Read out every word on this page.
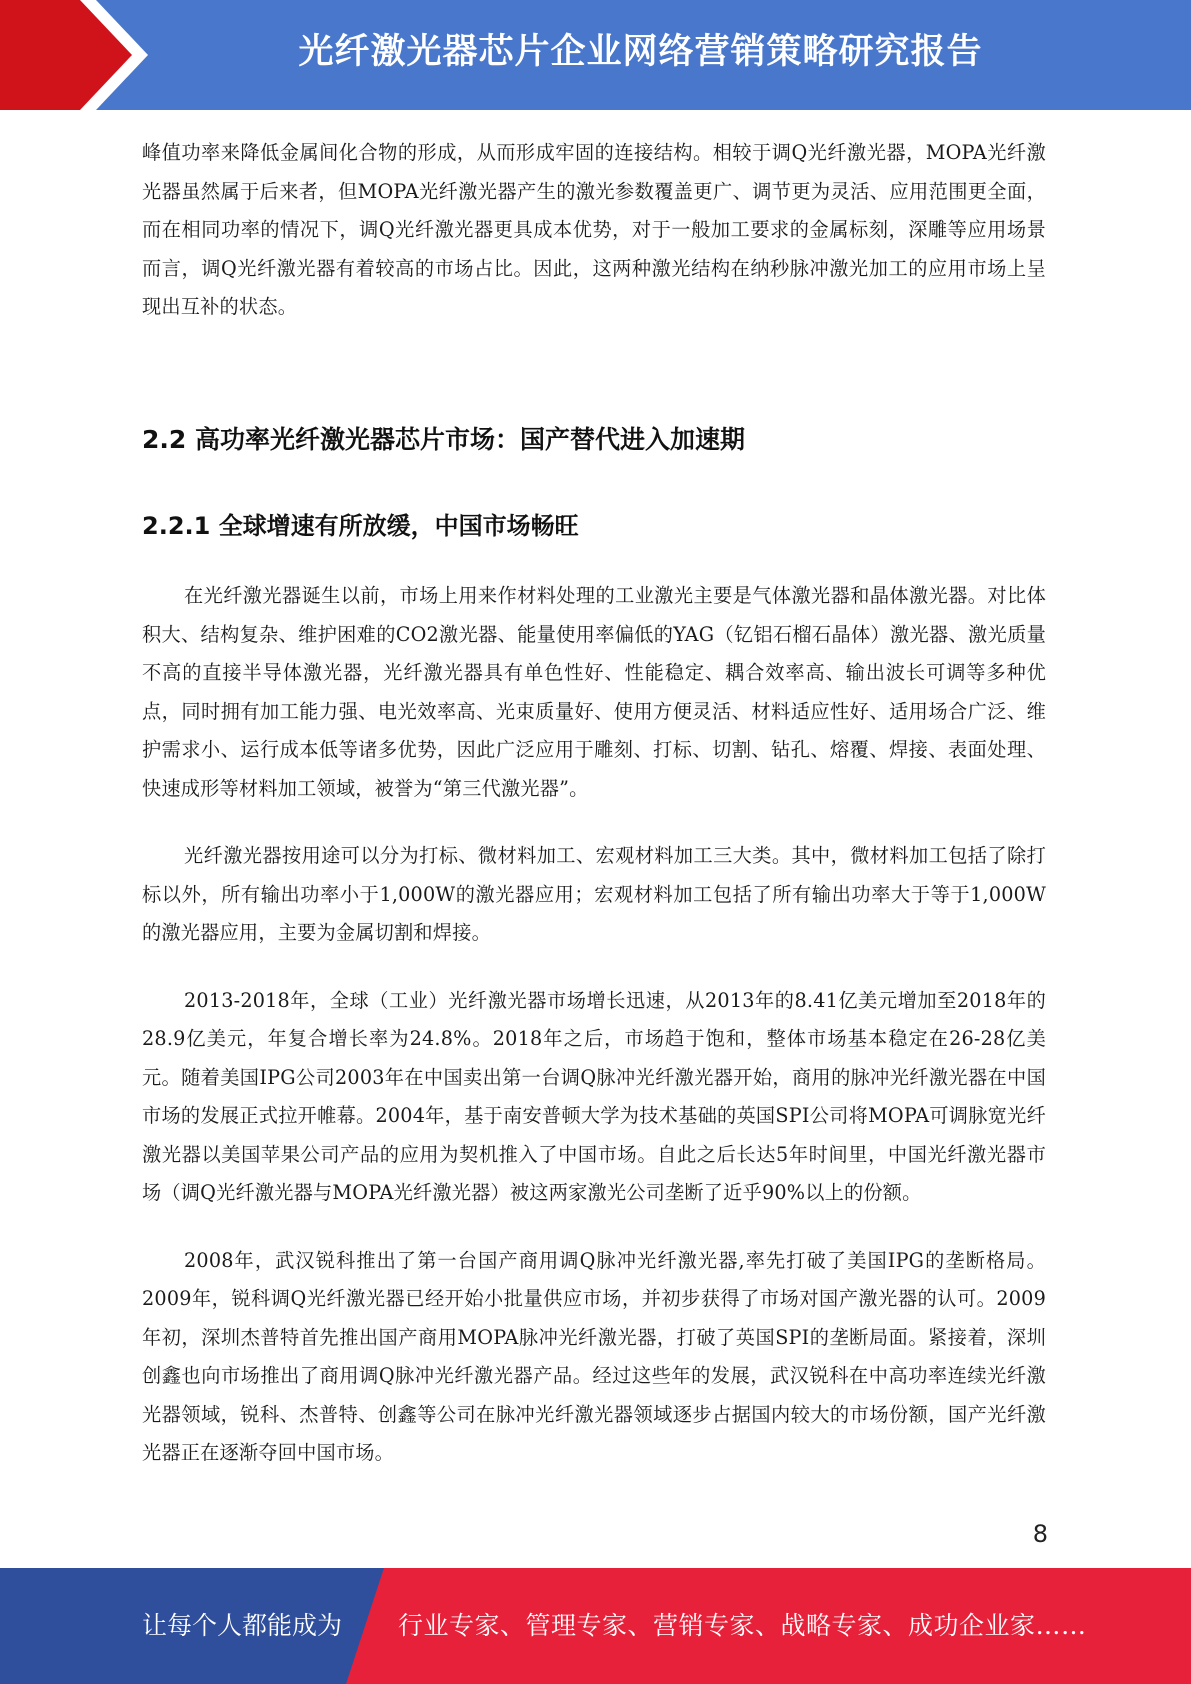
光纤激光器芯片企业网络营销策略研究报告

峰值功率来降低金属间化合物的形成，从而形成牢固的连接结构。相较于调Q光纤激光器，MOPA光纤激光器虽然属于后来者，但MOPA光纤激光器产生的激光参数覆盖更广、调节更为灵活、应用范围更全面，而在相同功率的情况下，调Q光纤激光器更具成本优势，对于一般加工要求的金属标刻，深雕等应用场景而言，调Q光纤激光器有着较高的市场占比。因此，这两种激光结构在纳秒脉冲激光加工的应用市场上呈现出互补的状态。

2.2 高功率光纤激光器芯片市场：国产替代进入加速期
2.2.1 全球增速有所放缓，中国市场畅旺

在光纤激光器诞生以前，市场上用来作材料处理的工业激光主要是气体激光器和晶体激光器。对比体积大、结构复杂、维护困难的CO2激光器、能量使用率偏低的YAG（钇铝石榴石晶体）激光器、激光质量不高的直接半导体激光器，光纤激光器具有单色性好、性能稳定、耦合效率高、输出波长可调等多种优点，同时拥有加工能力强、电光效率高、光束质量好、使用方便灵活、材料适应性好、适用场合广泛、维护需求小、运行成本低等诸多优势，因此广泛应用于雕刻、打标、切割、钻孔、熔覆、焊接、表面处理、快速成形等材料加工领域，被誉为“第三代激光器”。

光纤激光器按用途可以分为打标、微材料加工、宏观材料加工三大类。其中，微材料加工包括了除打标以外，所有输出功率小于1,000W的激光器应用；宏观材料加工包括了所有输出功率大于等于1,000W的激光器应用，主要为金属切割和焊接。

2013-2018年，全球（工业）光纤激光器市场增长迅速，从2013年的8.41亿美元增加至2018年的28.9亿美元，年复合增长率为24.8%。2018年之后，市场趋于饱和，整体市场基本稳定在26-28亿美元。随着美国IPG公司2003年在中国卖出第一台调Q脉冲光纤激光器开始，商用的脉冲光纤激光器在中国市场的发展正式拉开帷幕。2004年，基于南安普顿大学为技术基础的英国SPI公司将MOPA可调脉宽光纤激光器以美国苹果公司产品的应用为契机推入了中国市场。自此之后长达5年时间里，中国光纤激光器市场（调Q光纤激光器与MOPA光纤激光器）被这两家激光公司垄断了近乎90%以上的份额。

2008年，武汉锐科推出了第一台国产商用调Q脉冲光纤激光器,率先打破了美国IPG的垄断格局。2009年，锐科调Q光纤激光器已经开始小批量供应市场，并初步获得了市场对国产激光器的认可。2009年初，深圳杰普特首先推出国产商用MOPA脉冲光纤激光器，打破了英国SPI的垄断局面。紧接着，深圳创鑫也向市场推出了商用调Q脉冲光纤激光器产品。经过这些年的发展，武汉锐科在中高功率连续光纤激光器领域，锐科、杰普特、创鑫等公司在脉冲光纤激光器领域逐步占据国内较大的市场份额，国产光纤激光器正在逐渐夺回中国市场。

8
让每个人都能成为 行业专家、管理专家、营销专家、战略专家、成功企业家……
